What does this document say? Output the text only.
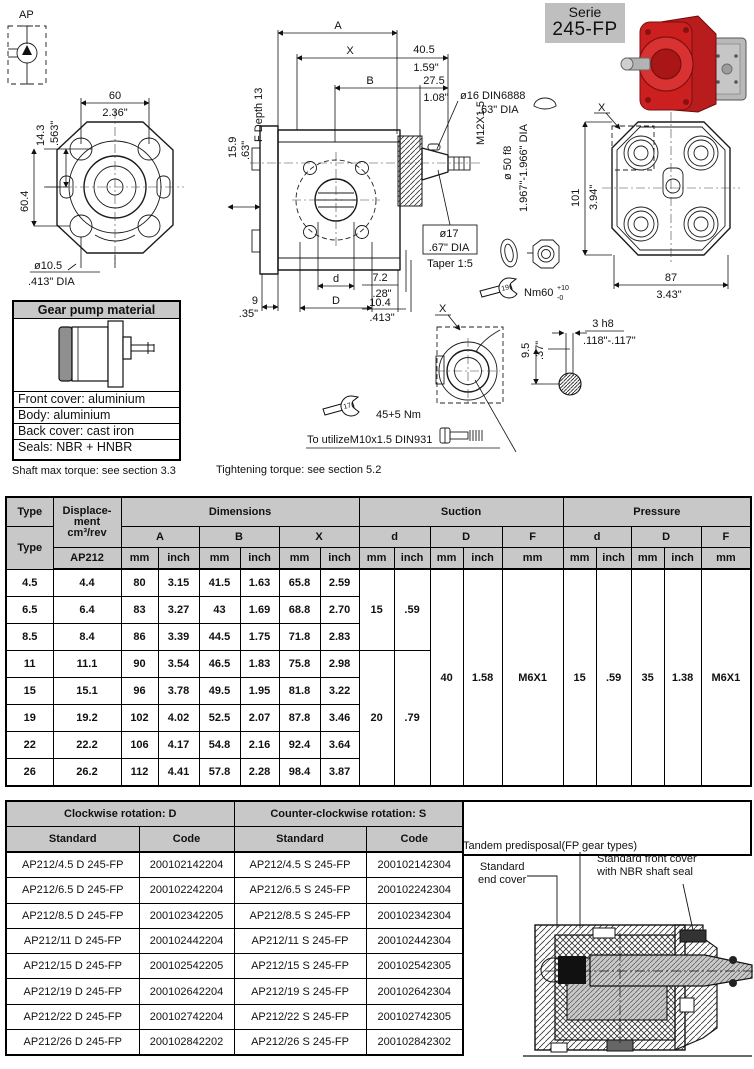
AP
60
2.36"
14.3 .563"
60.4
ø10.5
.413" DIA
A
X	40.5
1.59"
B	27.5
1.08" ø16 DIN6888
.63" DIA
M12X1.5
ø 50 f8 1.967"-1.966" DIA
ø17
.67" DIA
Taper 1:5
d
D
9
.35"
7.2
.28"
10.4
.413"
15.9 .63"
F Depth 13	X
101 3.94"
87
3.43"
19 Nm60 +10
-0
X
To utilizeM10x1.5 DIN931
17
45+5 Nm
3 h8
.118"-.117"
9.5 .37"
Serie
245-FP
Gear pump material
Front cover: aluminium
Body: aluminium
Back cover: cast iron
Seals: NBR + HNBR
Shaft max torque: see section 3.3	Tightening torque: see section 5.2
Type	Displace-
ment
cm³/rev	Dimensions						Suction					Pressure				
Type		A		B		X		d		D		F	d		D		F
	AP212	mm	inch	mm	inch	mm	inch	mm	inch	mm	inch	mm	mm	inch	mm	inch	mm
4.5	4.4	80	3.15	41.5	1.63	65.8	2.59	15	.59	40	1.58	M6X1	15	.59	35	1.38	M6X1
6.5	6.4	83	3.27	43	1.69	68.8	2.70										
8.5	8.4	86	3.39	44.5	1.75	71.8	2.83										
11	11.1	90	3.54	46.5	1.83	75.8	2.98	20	.79								
15	15.1	96	3.78	49.5	1.95	81.8	3.22										
19	19.2	102	4.02	52.5	2.07	87.8	3.46										
22	22.2	106	4.17	54.8	2.16	92.4	3.64										
26	26.2	112	4.41	57.8	2.28	98.4	3.87										
Clockwise rotation: D		Counter-clockwise rotation: S	
Standard	Code	Standard	Code
AP212/4.5 D 245-FP	200102142204	AP212/4.5 S 245-FP	200102142304
AP212/6.5 D 245-FP	200102242204	AP212/6.5 S 245-FP	200102242304
AP212/8.5 D 245-FP	200102342205	AP212/8.5 S 245-FP	200102342304
AP212/11 D 245-FP	200102442204	AP212/11 S 245-FP	200102442304
AP212/15 D 245-FP	200102542205	AP212/15 S 245-FP	200102542305
AP212/19 D 245-FP	200102642204	AP212/19 S 245-FP	200102642304
AP212/22 D 245-FP	200102742204	AP212/22 S 245-FP	200102742305
AP212/26 D 245-FP	200102842202	AP212/26 S 245-FP	200102842302
Tandem predisposal(FP gear types)
Standard
end cover
Standard front cover
with NBR shaft seal
